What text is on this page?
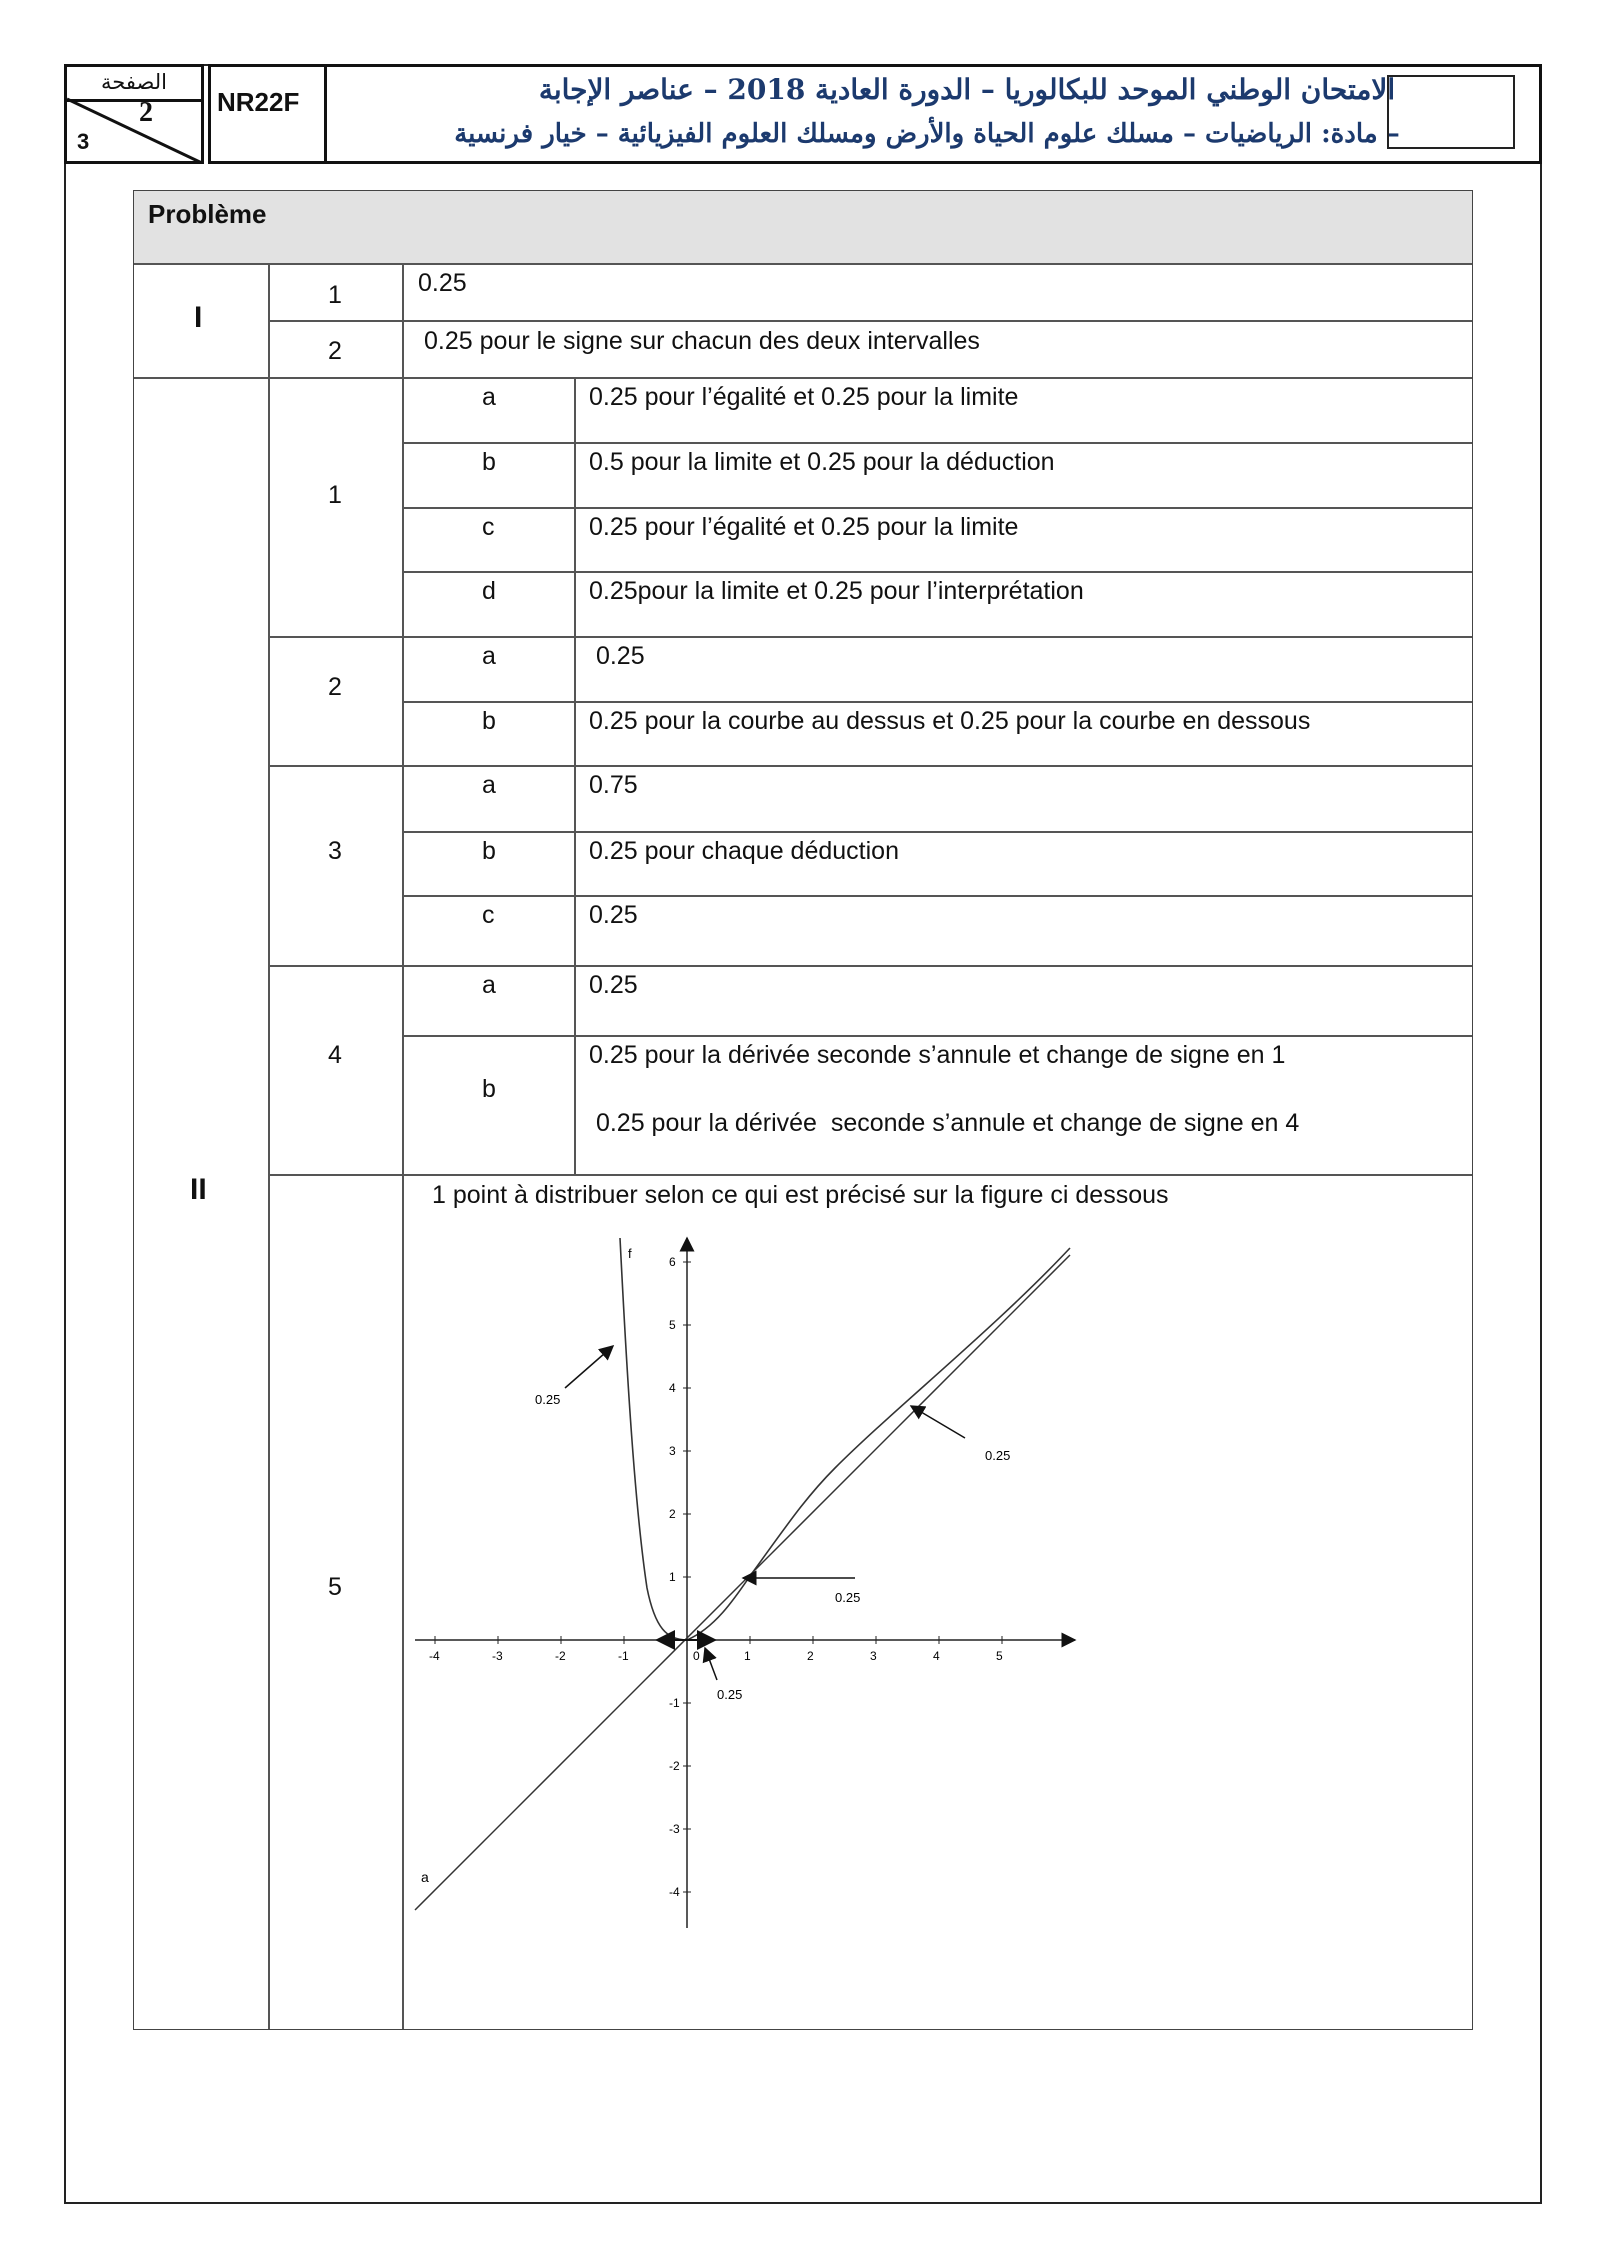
الصفحة
2
3
NR22F	الامتحان الوطني الموحد للبكالوريا – الدورة العادية 2018 – عناصر الإجابة
– مادة: الرياضيات – مسلك علوم الحياة والأرض ومسلك العلوم الفيزيائية – خيار فرنسية
Problème
I
1	0.25
2	0.25 pour le signe sur chacun des deux intervalles
II
1
a	0.25 pour l’égalité et 0.25 pour la limite
b	0.5 pour la limite et 0.25 pour la déduction
c	0.25 pour l’égalité et 0.25 pour la limite
d	0.25pour la limite et 0.25 pour l’interprétation
2
a	0.25
b	0.25 pour la courbe au dessus et 0.25 pour la courbe en dessous
3
a	0.75
b	0.25 pour chaque déduction
c	0.25
4
a	0.25
b
0.25 pour la dérivée seconde s’annule et change de signe en 1
0.25 pour la dérivée  seconde s’annule et change de signe en 4
5
1 point à distribuer selon ce qui est précisé sur la figure ci dessous
-4	-3	-2	-1	0	1	2	3	4	5
6
5
4
3
2
1
-1
-2
-3
-4
f
a
0.25
0.25
0.25
0.25
